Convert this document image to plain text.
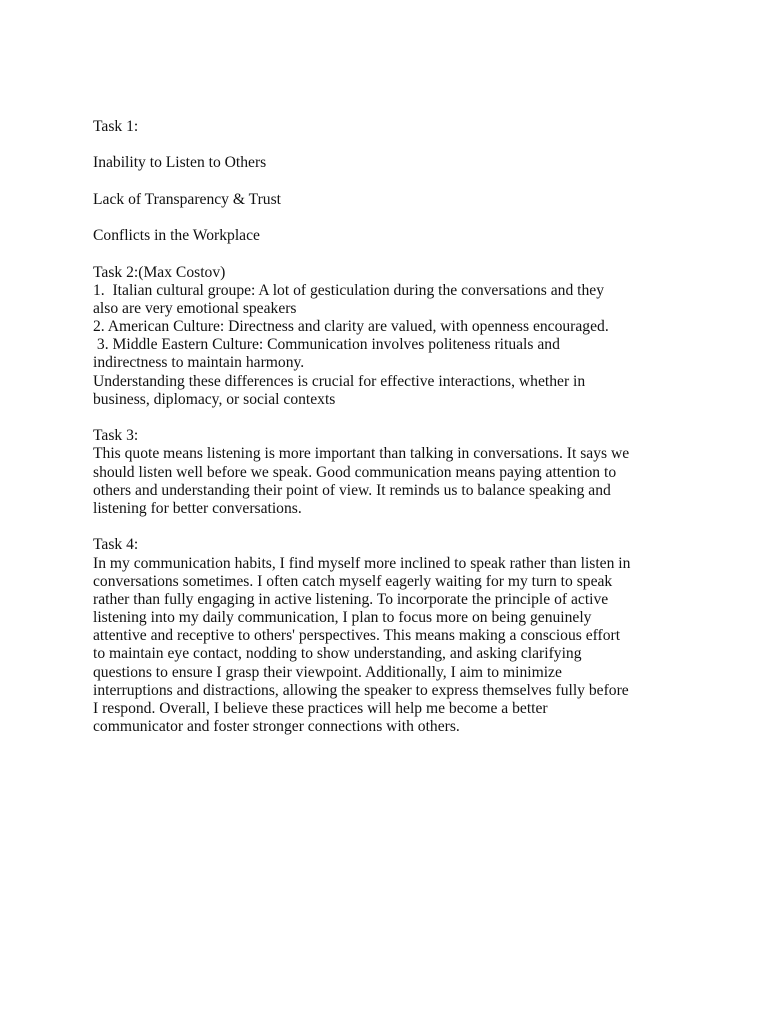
Task 1:
Inability to Listen to Others
Lack of Transparency & Trust
Conflicts in the Workplace
Task 2:(Max Costov)
1.  Italian cultural groupe: A lot of gesticulation during the conversations and they
also are very emotional speakers
2. American Culture: Directness and clarity are valued, with openness encouraged.
3. Middle Eastern Culture: Communication involves politeness rituals and
indirectness to maintain harmony.
Understanding these differences is crucial for effective interactions, whether in
business, diplomacy, or social contexts
Task 3:
This quote means listening is more important than talking in conversations. It says we
should listen well before we speak. Good communication means paying attention to
others and understanding their point of view. It reminds us to balance speaking and
listening for better conversations.
Task 4:
In my communication habits, I find myself more inclined to speak rather than listen in
conversations sometimes. I often catch myself eagerly waiting for my turn to speak
rather than fully engaging in active listening. To incorporate the principle of active
listening into my daily communication, I plan to focus more on being genuinely
attentive and receptive to others' perspectives. This means making a conscious effort
to maintain eye contact, nodding to show understanding, and asking clarifying
questions to ensure I grasp their viewpoint. Additionally, I aim to minimize
interruptions and distractions, allowing the speaker to express themselves fully before
I respond. Overall, I believe these practices will help me become a better
communicator and foster stronger connections with others.
